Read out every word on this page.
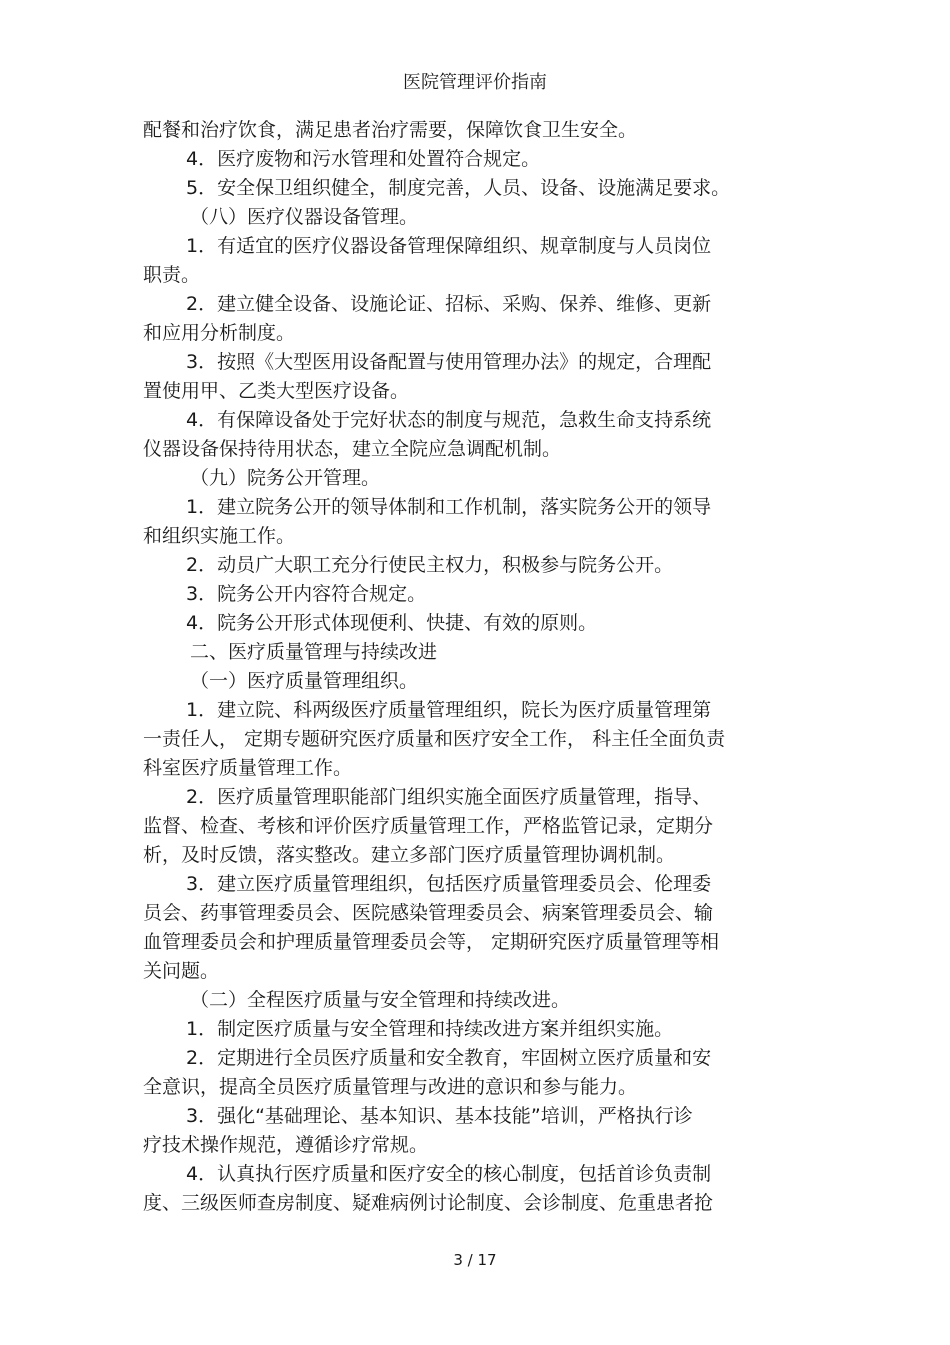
医院管理评价指南

配餐和治疗饮食，满足患者治疗需要，保障饮食卫生安全。

4．医疗废物和污水管理和处置符合规定。

5．安全保卫组织健全，制度完善，人员、设备、设施满足要求。

（八）医疗仪器设备管理。

1．有适宜的医疗仪器设备管理保障组织、规章制度与人员岗位

职责。

2．建立健全设备、设施论证、招标、采购、保养、维修、更新

和应用分析制度。

3．按照《大型医用设备配置与使用管理办法》的规定，合理配

置使用甲、乙类大型医疗设备。

4．有保障设备处于完好状态的制度与规范，急救生命支持系统

仪器设备保持待用状态，建立全院应急调配机制。

（九）院务公开管理。

1．建立院务公开的领导体制和工作机制，落实院务公开的领导

和组织实施工作。

2．动员广大职工充分行使民主权力，积极参与院务公开。

3．院务公开内容符合规定。

4．院务公开形式体现便利、快捷、有效的原则。

二、医疗质量管理与持续改进

（一）医疗质量管理组织。

1．建立院、科两级医疗质量管理组织，院长为医疗质量管理第

一责任人， 定期专题研究医疗质量和医疗安全工作， 科主任全面负责

科室医疗质量管理工作。

2．医疗质量管理职能部门组织实施全面医疗质量管理，指导、

监督、检查、考核和评价医疗质量管理工作，严格监管记录，定期分

析，及时反馈，落实整改。建立多部门医疗质量管理协调机制。

3．建立医疗质量管理组织，包括医疗质量管理委员会、伦理委

员会、药事管理委员会、医院感染管理委员会、病案管理委员会、输

血管理委员会和护理质量管理委员会等， 定期研究医疗质量管理等相

关问题。

（二）全程医疗质量与安全管理和持续改进。

1．制定医疗质量与安全管理和持续改进方案并组织实施。

2．定期进行全员医疗质量和安全教育，牢固树立医疗质量和安

全意识，提高全员医疗质量管理与改进的意识和参与能力。

3．强化“基础理论、基本知识、基本技能”培训，严格执行诊

疗技术操作规范，遵循诊疗常规。

4．认真执行医疗质量和医疗安全的核心制度，包括首诊负责制

度、三级医师查房制度、疑难病例讨论制度、会诊制度、危重患者抢

3 / 17
